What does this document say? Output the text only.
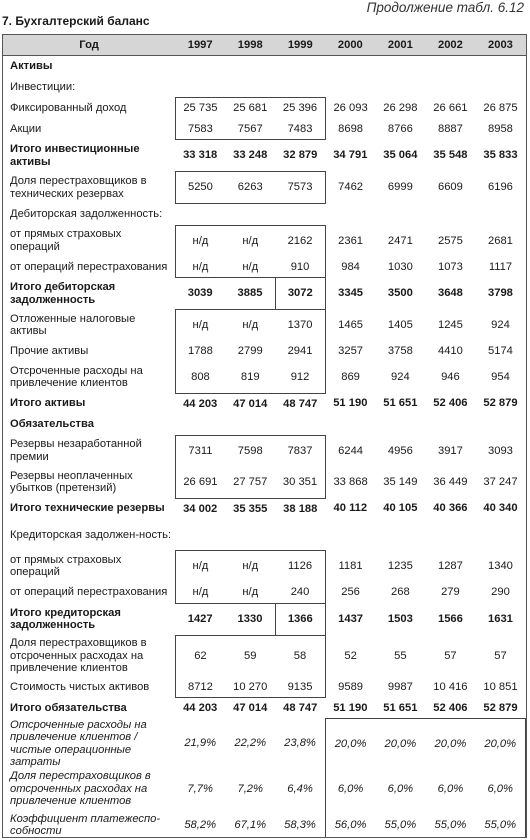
Продолжение табл. 6.12
7. Бухгалтерский баланс
Год	1997	1998	1999	2000	2001	2002	2003
Активы							
Инвестиции:							
Фиксированный доход	25 735	25 681	25 396	26 093	26 298	26 661	26 875
Акции	7583	7567	7483	8698	8766	8887	8958
Итого инвестиционные активы	33 318	33 248	32 879	34 791	35 064	35 548	35 833
Доля перестраховщиков в технических резервах	5250	6263	7573	7462	6999	6609	6196
Дебиторская задолженность:							
от прямых страховых операций	н/д	н/д	2162	2361	2471	2575	2681
от операций перестрахования	н/д	н/д	910	984	1030	1073	1117
Итого дебиторская задолженность	3039	3885	3072	3345	3500	3648	3798
Отложенные налоговые активы	н/д	н/д	1370	1465	1405	1245	924
Прочие активы	1788	2799	2941	3257	3758	4410	5174
Отсроченные расходы на привлечение клиентов	808	819	912	869	924	946	954
Итого активы	44 203	47 014	48 747	51 190	51 651	52 406	52 879
Обязательства							
Резервы незаработанной премии	7311	7598	7837	6244	4956	3917	3093
Резервы неоплаченных убытков (претензий)	26 691	27 757	30 351	33 868	35 149	36 449	37 247
Итого технические резервы	34 002	35 355	38 188	40 112	40 105	40 366	40 340
Кредиторская задолжен-ность:							
от прямых страховых операций	н/д	н/д	1126	1181	1235	1287	1340
от операций перестрахования	н/д	н/д	240	256	268	279	290
Итого кредиторская задолженность	1427	1330	1366	1437	1503	1566	1631
Доля перестраховщиков в отсроченных расходах на привлечение клиентов	62	59	58	52	55	57	57
Стоимость чистых активов	8712	10 270	9135	9589	9987	10 416	10 851
Итого обязательства	44 203	47 014	48 747	51 190	51 651	52 406	52 879
Отсроченные расходы на привлечение клиентов / чистые операционные затраты	21,9%	22,2%	23,8%	20,0%	20,0%	20,0%	20,0%
Доля перестраховщиков в отсроченных расходах на привлечение клиентов	7,7%	7,2%	6,4%	6,0%	6,0%	6,0%	6,0%
Коэффициент платежеспо-собности	58,2%	67,1%	58,3%	56,0%	55,0%	55,0%	55,0%
